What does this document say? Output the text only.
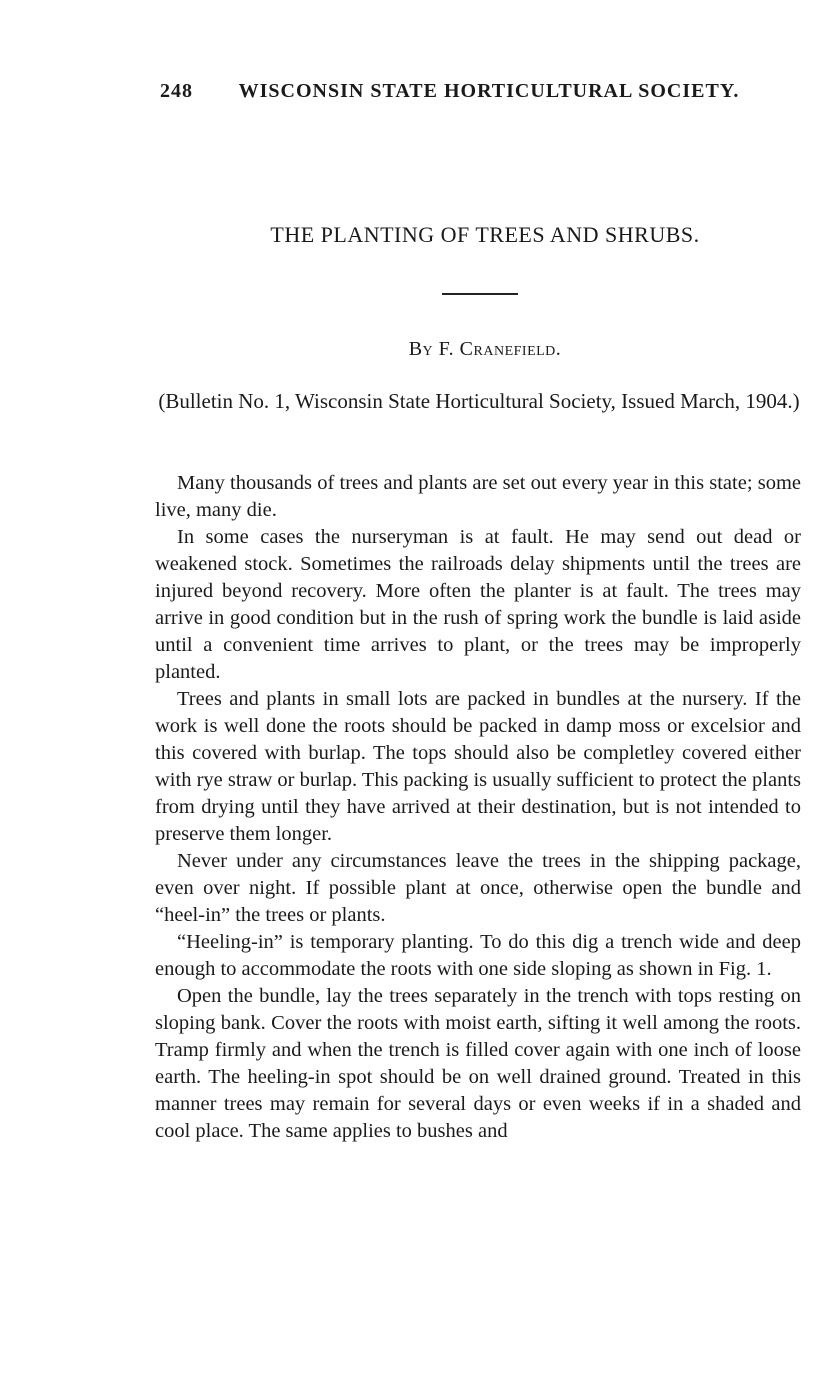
248 WISCONSIN STATE HORTICULTURAL SOCIETY.
THE PLANTING OF TREES AND SHRUBS.
By F. Cranefield.
(Bulletin No. 1, Wisconsin State Horticultural Society, Issued March, 1904.)

Many thousands of trees and plants are set out every year in this state; some live, many die.

In some cases the nurseryman is at fault. He may send out dead or weakened stock. Sometimes the railroads delay shipments until the trees are injured beyond recovery. More often the planter is at fault. The trees may arrive in good condition but in the rush of spring work the bundle is laid aside until a convenient time arrives to plant, or the trees may be improperly planted.

Trees and plants in small lots are packed in bundles at the nursery. If the work is well done the roots should be packed in damp moss or excelsior and this covered with burlap. The tops should also be completley covered either with rye straw or burlap. This packing is usually sufficient to protect the plants from drying until they have arrived at their destination, but is not intended to preserve them longer.

Never under any circumstances leave the trees in the shipping package, even over night. If possible plant at once, otherwise open the bundle and “heel-in” the trees or plants.

“Heeling-in” is temporary planting. To do this dig a trench wide and deep enough to accommodate the roots with one side sloping as shown in Fig. 1.

Open the bundle, lay the trees separately in the trench with tops resting on sloping bank. Cover the roots with moist earth, sifting it well among the roots. Tramp firmly and when the trench is filled cover again with one inch of loose earth. The heeling-in spot should be on well drained ground. Treated in this manner trees may remain for several days or even weeks if in a shaded and cool place. The same applies to bushes and
